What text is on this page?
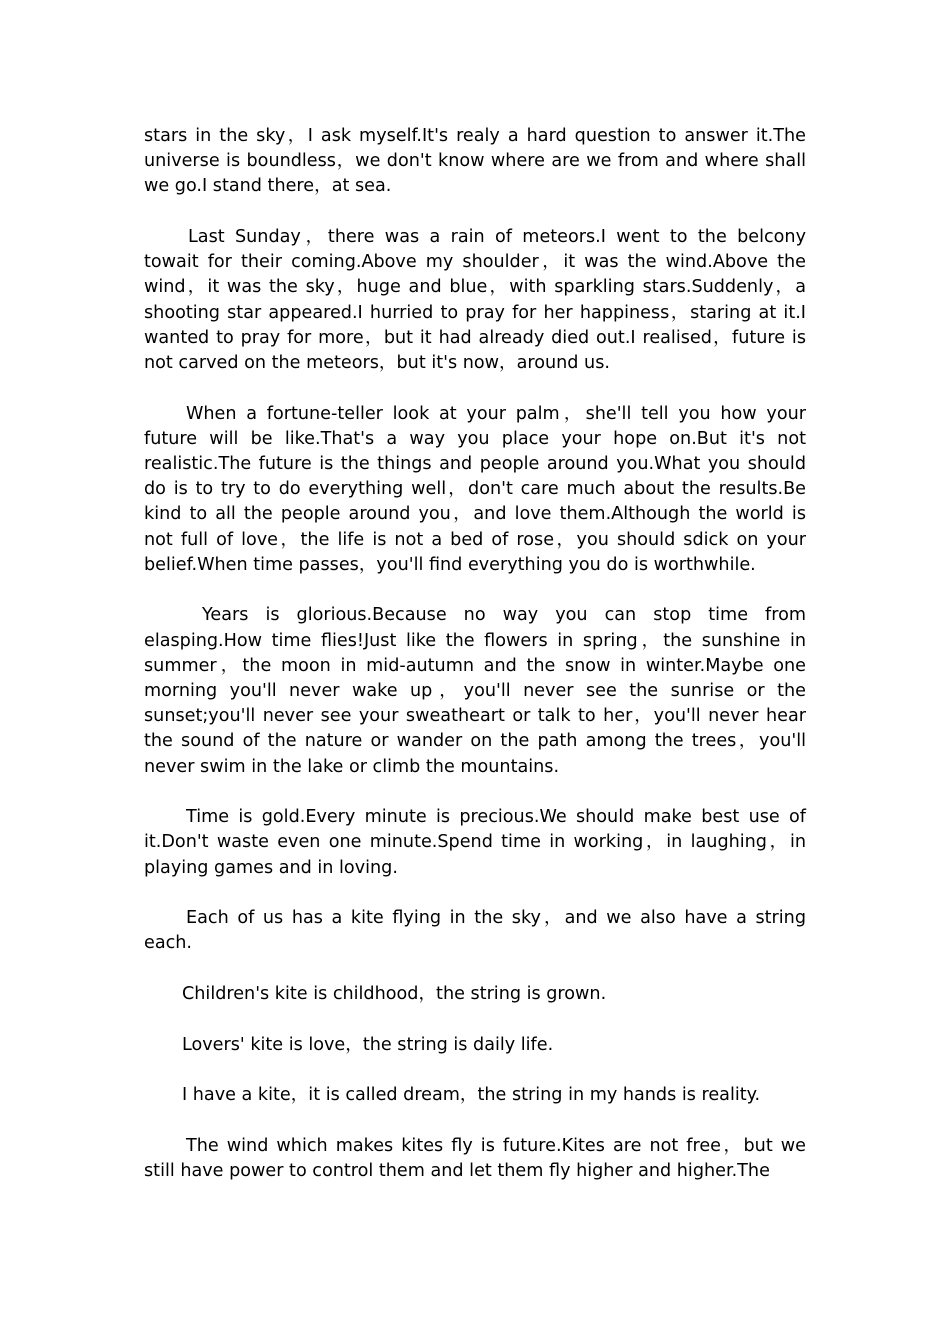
stars in the sky，I ask myself.It's realy a hard question to answer it.The universe is boundless，we don't know where are we from and where shall we go.I stand there，at sea.

Last Sunday，there was a rain of meteors.I went to the belcony towait for their coming.Above my shoulder，it was the wind.Above the wind，it was the sky，huge and blue，with sparkling stars.Suddenly，a shooting star appeared.I hurried to pray for her happiness，staring at it.I wanted to pray for more，but it had already died out.I realised，future is not carved on the meteors，but it's now，around us.

When a fortune-teller look at your palm，she'll tell you how your future will be like.That's a way you place your hope on.But it's not realistic.The future is the things and people around you.What you should do is to try to do everything well，don't care much about the results.Be kind to all the people around you，and love them.Although the world is not full of love，the life is not a bed of rose，you should sdick on your belief.When time passes，you'll find everything you do is worthwhile.

Years is glorious.Because no way you can stop time from elasping.How time flies!Just like the flowers in spring，the sunshine in summer，the moon in mid-autumn and the snow in winter.Maybe one morning you'll never wake up，you'll never see the sunrise or the sunset;you'll never see your sweatheart or talk to her，you'll never hear the sound of the nature or wander on the path among the trees，you'll never swim in the lake or climb the mountains.

Time is gold.Every minute is precious.We should make best use of it.Don't waste even one minute.Spend time in working，in laughing，in playing games and in loving.

Each of us has a kite flying in the sky，and we also have a string each.

Children's kite is childhood，the string is grown.

Lovers' kite is love，the string is daily life.

I have a kite，it is called dream，the string in my hands is reality.

The wind which makes kites fly is future.Kites are not free，but we still have power to control them and let them fly higher and higher.The
